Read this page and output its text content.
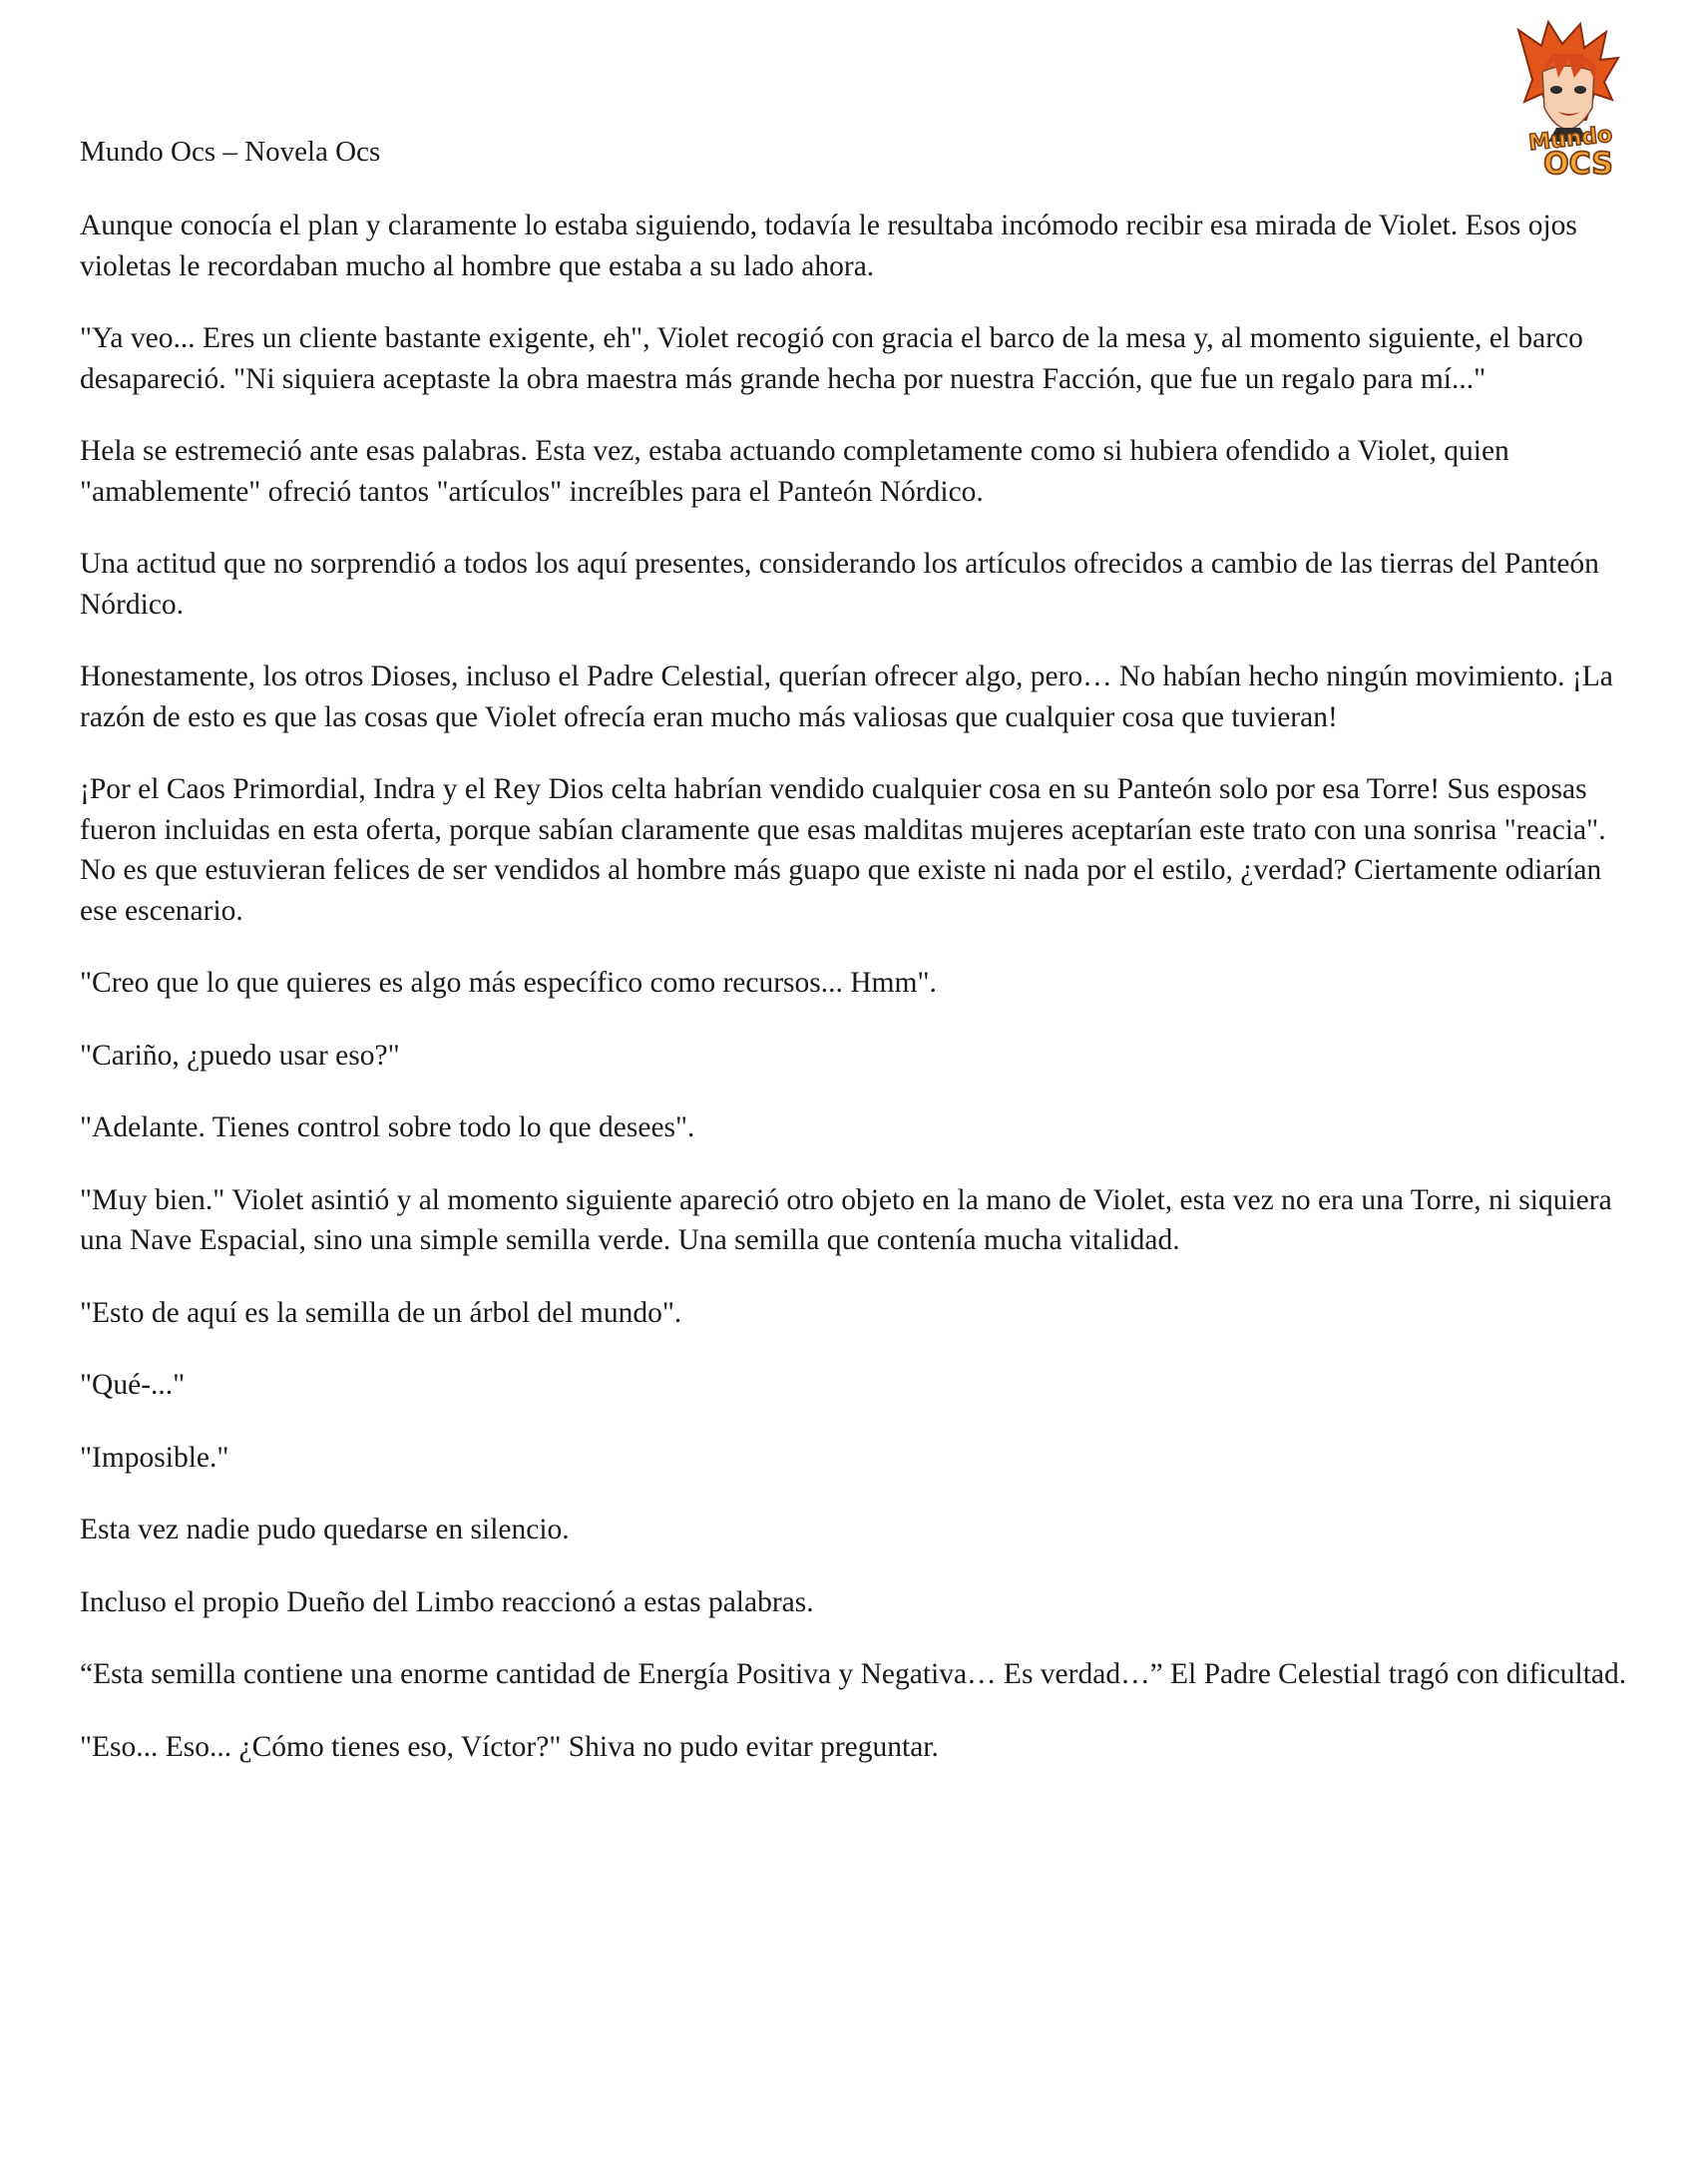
Mundo
OCS

Mundo Ocs – Novela Ocs

Aunque conocía el plan y claramente lo estaba siguiendo, todavía le resultaba incómodo recibir esa mirada de Violet. Esos ojos violetas le recordaban mucho al hombre que estaba a su lado ahora.

"Ya veo... Eres un cliente bastante exigente, eh", Violet recogió con gracia el barco de la mesa y, al momento siguiente, el barco desapareció. "Ni siquiera aceptaste la obra maestra más grande hecha por nuestra Facción, que fue un regalo para mí..."

Hela se estremeció ante esas palabras. Esta vez, estaba actuando completamente como si hubiera ofendido a Violet, quien "amablemente" ofreció tantos "artículos" increíbles para el Panteón Nórdico.

Una actitud que no sorprendió a todos los aquí presentes, considerando los artículos ofrecidos a cambio de las tierras del Panteón Nórdico.

Honestamente, los otros Dioses, incluso el Padre Celestial, querían ofrecer algo, pero… No habían hecho ningún movimiento. ¡La razón de esto es que las cosas que Violet ofrecía eran mucho más valiosas que cualquier cosa que tuvieran!

¡Por el Caos Primordial, Indra y el Rey Dios celta habrían vendido cualquier cosa en su Panteón solo por esa Torre! Sus esposas fueron incluidas en esta oferta, porque sabían claramente que esas malditas mujeres aceptarían este trato con una sonrisa "reacia". No es que estuvieran felices de ser vendidos al hombre más guapo que existe ni nada por el estilo, ¿verdad? Ciertamente odiarían ese escenario.

"Creo que lo que quieres es algo más específico como recursos... Hmm".

"Cariño, ¿puedo usar eso?"

"Adelante. Tienes control sobre todo lo que desees".

"Muy bien." Violet asintió y al momento siguiente apareció otro objeto en la mano de Violet, esta vez no era una Torre, ni siquiera una Nave Espacial, sino una simple semilla verde. Una semilla que contenía mucha vitalidad.

"Esto de aquí es la semilla de un árbol del mundo".

"Qué-..."

"Imposible."

Esta vez nadie pudo quedarse en silencio.

Incluso el propio Dueño del Limbo reaccionó a estas palabras.

“Esta semilla contiene una enorme cantidad de Energía Positiva y Negativa… Es verdad…” El Padre Celestial tragó con dificultad.

"Eso... Eso... ¿Cómo tienes eso, Víctor?" Shiva no pudo evitar preguntar.
